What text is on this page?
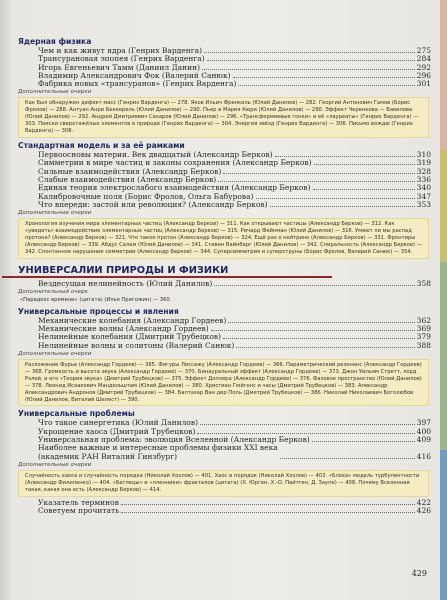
Ядерная физика
Чем и как живут ядра (Генрих Варденга)	275
Трансурановая эпопея (Генрих Варденга)	284
Игорь Евгеньевич Тамм (Даниил Данин)	292
Владимир Александрович Фок (Валерий Санюк)	296
Фабрика новых «трансуранов» (Генрих Варденга)	301
Дополнительные очерки
Как был обнаружен дефект масс (Генрих Варденга) — 278. Яков Ильич Френкель (Юлий Данилов) — 282. Георгий Антонович Гамов (Борис Фролов) — 288. Антуан Анри Беккерель (Юлий Данилов) — 290. Пьер и Мария Кюри (Юлий Данилов) — 290. Эффект Черенкова — Вавилова (Юлий Данилов) — 292. Андрей Дмитриевич Сахаров (Юлий Данилов) — 296. «Трансфермиевые гонки» и её «лауреаты» (Генрих Варденга) — 303. Поиски сверхтяжёлых элементов в природе (Генрих Варденга) — 304. Энергия звёзд (Генрих Варденга) — 306. Письмо вождю (Генрих Варденга) — 308.
Стандартная модель и за её рамками
Первоосновы материи. Век двадцатый (Александр Берков)	310
Симметрии в мире частиц и законы сохранения (Александр Берков)	319
Сильные взаимодействия (Александр Берков)	328
Слабые взаимодействия (Александр Берков)	336
Единая теория электрослабого взаимодействия (Александр Берков)	340
Калибровочные поля (Борис Фролов, Ольга Бабурова)	347
Что впереди: застой или революция? (Александр Берков)	353
Дополнительные очерки
Хронология изучения мира элементарных частиц (Александр Берков) — 311. Как открывают частицы (Александр Берков) — 312. Как «увидеть» взаимодействие элементарных частиц (Александр Берков) — 315. Ричард Фейнман (Юлий Данилов) — 316. Умеют ли мы распад протона? (Александр Берков) — 321. Что такое протон (Александр Берков) — 324. Ещё раз о нейтрино (Александр Берков) — 331. Фронтиры (Александр Берков) — 339. Абдус Салам (Юлий Данилов) — 341. Стивен Вайнберг (Юлий Данилов) — 342. Спиральность (Александр Берков) — 342. Спонтанное нарушение симметрии (Александр Берков) — 344. Суперсимметрия и суперструны (Борис Фролов, Валерий Санюк) — 354.
УНИВЕРСАЛИИ ПРИРОДЫ И ФИЗИКИ
Вездесущая нелинейность (Юлий Данилов)	358
Дополнительный очерк
«Парадокс времени» (цитата) (Илья Пригожин) — 360.
Универсальные процессы и явления
Механические колебания (Александр Гордеев)	362
Механические волны (Александр Гордеев)	369
Нелинейные колебания (Дмитрий Трубецков)	379
Нелинейные волны и солитоны (Валерий Санюк)	388
Дополнительные очерки
Разложение Фурье (Александр Гордеев) — 365. Фигуры Лиссажу (Александр Гордеев) — 366. Параметрический резонанс (Александр Гордеев) — 368. Громкость и высота звука (Александр Гордеев) — 370. Бинауральный эффект (Александр Гордеев) — 373. Джон Уильям Стретт, лорд Рэлей, и его «Теория звука» (Дмитрий Трубецков) — 375. Эффект Доплера (Александр Гордеев) — 376. Фазовое пространство (Юлий Данилов) — 378. Леонид Исаакович Мандельштам (Юлий Данилов) — 380. Христиан Гюйгенс и часы (Дмитрий Трубецков) — 383. Александр Александрович Андронов (Дмитрий Трубецков) — 384. Балтазар Ван дер Поль (Дмитрий Трубецков) — 386. Николай Николаевич Боголюбов (Юлий Данилов, Виталий Шелест) — 390.
Универсальные проблемы
Что такое синергетика (Юлий Данилов)	397
Укрощение хаоса (Дмитрий Трубецков)	400
Универсальная проблема: эволюция Вселенной (Александр Берков)	409
Наиболее важные и интересные проблемы физики XXI века
(академик РАН Виталий Гинзбург)	416
Дополнительные очерки
Случайность хаоса и случайность порядка (Николай Хохлов) — 401. Хаос и порядок (Николай Хохлов) — 403. «Блоха» модель турбулентности (Александр Филипенко) — 404. «Беглецы» и «пленники» фракталов (цитата) (Х. Юрген, Х.-О. Пайтген, Д. Заупе) — 408. Почему Вселенная такая, какая она есть (Александр Берков) — 414.
Указатель терминов	422
Советуем прочитать	426
429
